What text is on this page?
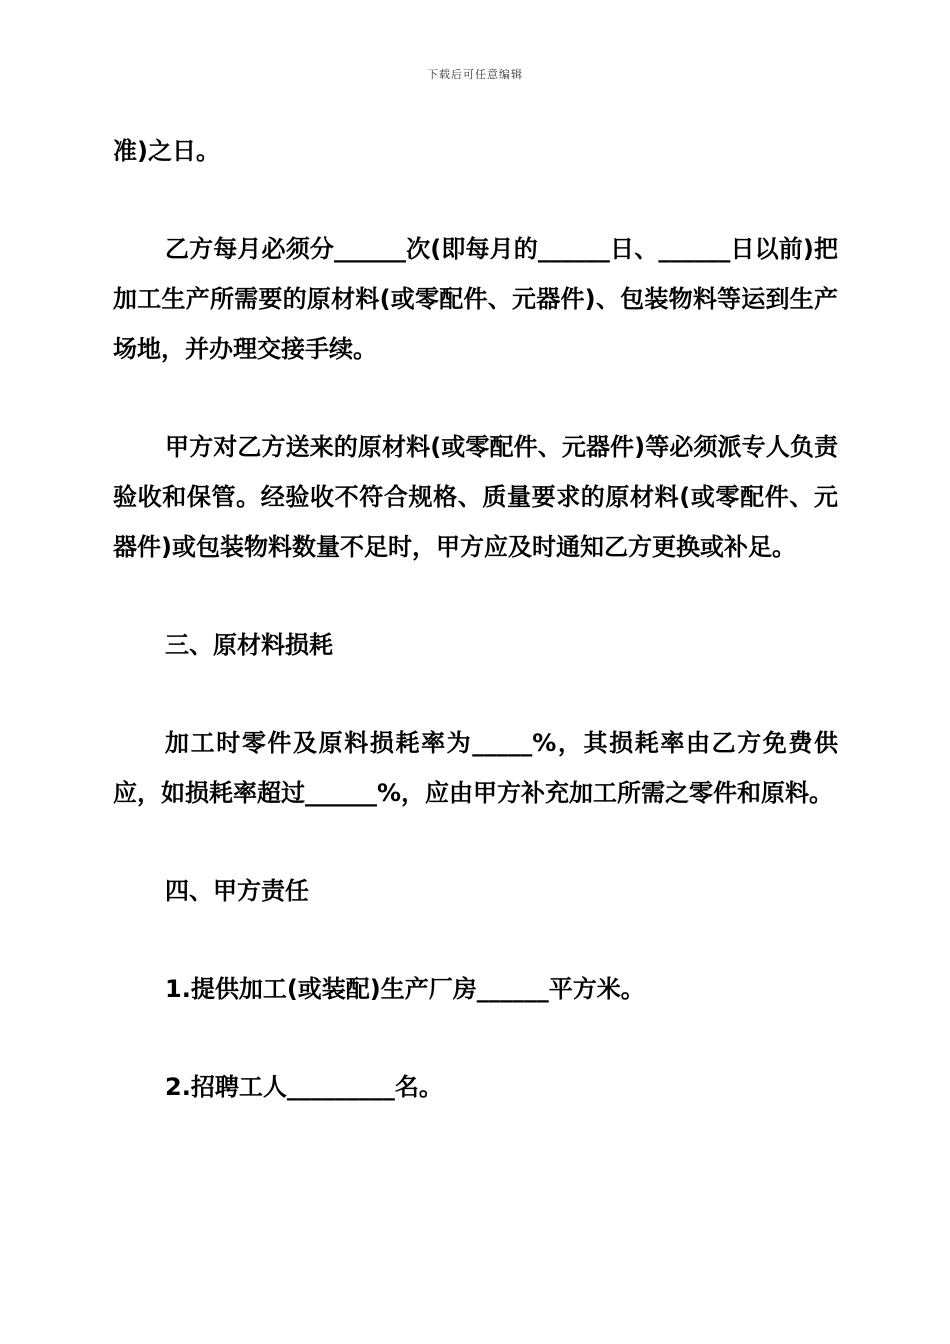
下载后可任意编辑

准)之日。

乙方每月必须分______次(即每月的______日、______日以前)把加工生产所需要的原材料(或零配件、元器件)、包装物料等运到生产场地，并办理交接手续。

甲方对乙方送来的原材料(或零配件、元器件)等必须派专人负责验收和保管。经验收不符合规格、质量要求的原材料(或零配件、元器件)或包装物料数量不足时，甲方应及时通知乙方更换或补足。

三、原材料损耗

加工时零件及原料损耗率为_____%，其损耗率由乙方免费供应，如损耗率超过______%，应由甲方补充加工所需之零件和原料。

四、甲方责任

1.提供加工(或装配)生产厂房______平方米。

2.招聘工人_________名。
